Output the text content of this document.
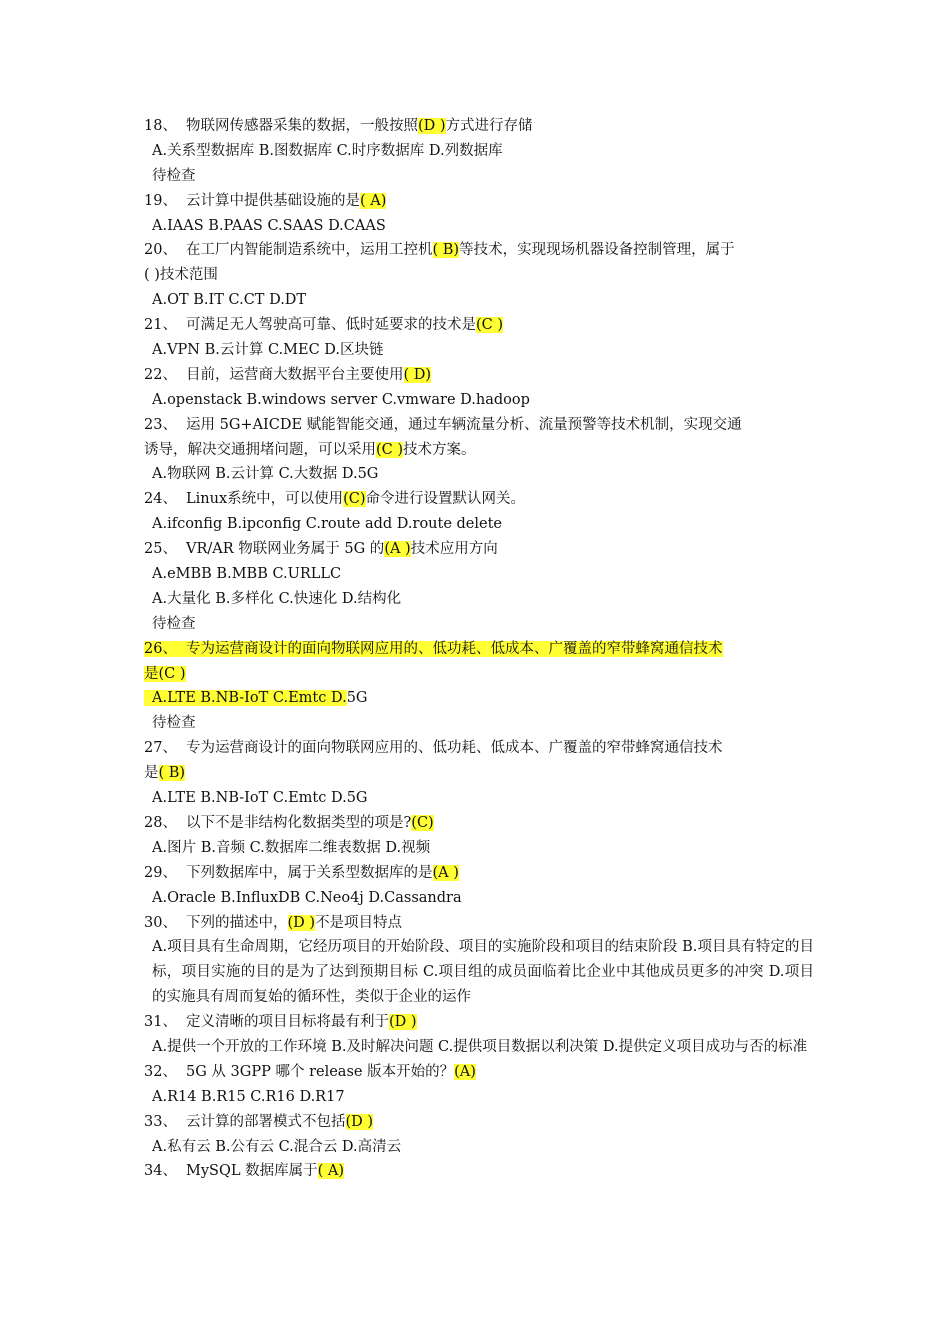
18、 物联网传感器采集的数据，一般按照(D )方式进行存储
A.关系型数据库 B.图数据库 C.时序数据库 D.列数据库
待检查
19、 云计算中提供基础设施的是( A)
A.IAAS B.PAAS C.SAAS D.CAAS
20、 在工厂内智能制造系统中，运用工控机( B)等技术，实现现场机器设备控制管理，属于
( )技术范围
A.OT B.IT C.CT D.DT
21、 可满足无人驾驶高可靠、低时延要求的技术是(C )
A.VPN B.云计算 C.MEC D.区块链
22、 目前，运营商大数据平台主要使用( D)
A.openstack B.windows server C.vmware D.hadoop
23、 运用 5G+AICDE 赋能智能交通，通过车辆流量分析、流量预警等技术机制，实现交通
诱导，解决交通拥堵问题，可以采用(C )技术方案。
A.物联网 B.云计算 C.大数据 D.5G
24、 Linux系统中，可以使用(C)命令进行设置默认网关。
A.ifconfig B.ipconfig C.route add D.route delete
25、 VR/AR 物联网业务属于 5G 的(A )技术应用方向
A.eMBB B.MBB C.URLLC
A.大量化 B.多样化 C.快速化 D.结构化
待检查
26、 专为运营商设计的面向物联网应用的、低功耗、低成本、广覆盖的窄带蜂窝通信技术
是(C )
A.LTE B.NB-IoT C.Emtc D.5G
待检查
27、 专为运营商设计的面向物联网应用的、低功耗、低成本、广覆盖的窄带蜂窝通信技术
是( B)
A.LTE B.NB-IoT C.Emtc D.5G
28、 以下不是非结构化数据类型的项是?(C)
A.图片 B.音频 C.数据库二维表数据 D.视频
29、 下列数据库中，属于关系型数据库的是(A )
A.Oracle B.InfluxDB C.Neo4j D.Cassandra
30、 下列的描述中，(D )不是项目特点
A.项目具有生命周期，它经历项目的开始阶段、项目的实施阶段和项目的结束阶段 B.项目具有特定的目标，项目实施的目的是为了达到预期目标 C.项目组的成员面临着比企业中其他成员更多的冲突 D.项目的实施具有周而复始的循环性，类似于企业的运作
31、 定义清晰的项目目标将最有利于(D )
A.提供一个开放的工作环境 B.及时解决问题 C.提供项目数据以利决策 D.提供定义项目成功与否的标准
32、 5G 从 3GPP 哪个 release 版本开始的？(A)
A.R14 B.R15 C.R16 D.R17
33、 云计算的部署模式不包括(D )
A.私有云 B.公有云 C.混合云 D.高清云
34、 MySQL 数据库属于( A)
